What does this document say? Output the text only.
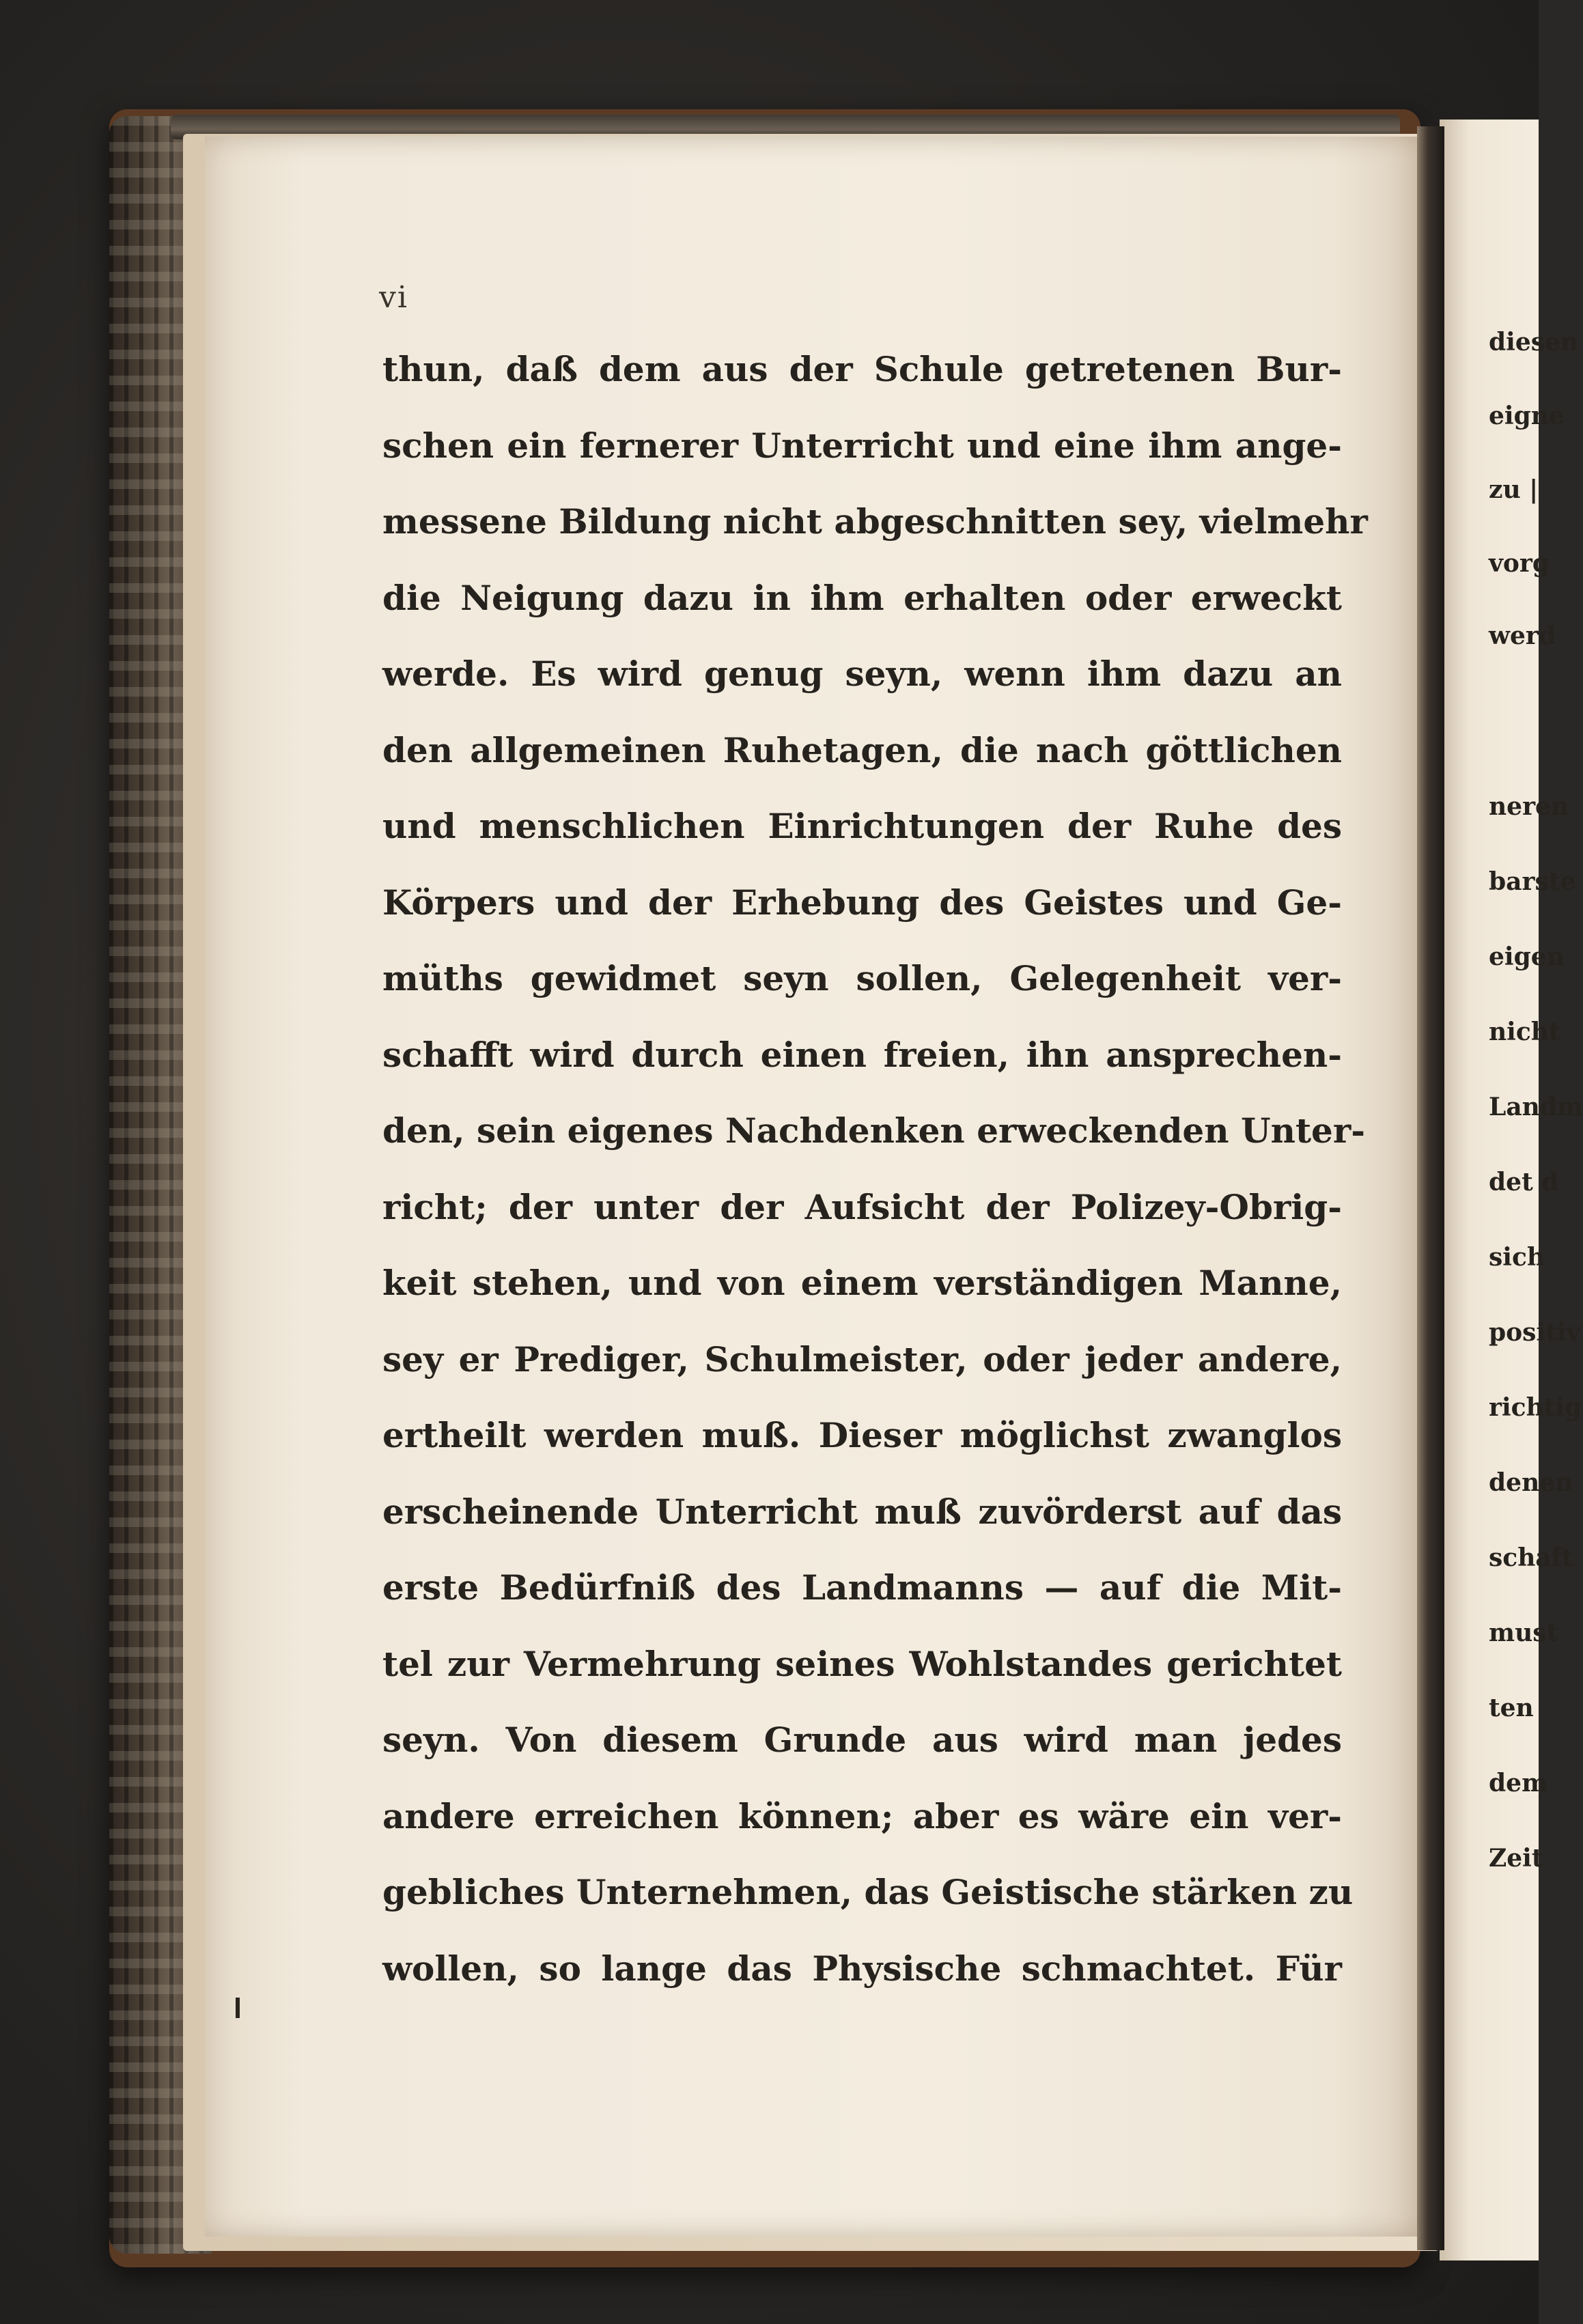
vi
thun, daß dem aus der Schule getretenen Bur-
schen ein fernerer Unterricht und eine ihm ange-
messene Bildung nicht abgeschnitten sey, vielmehr
die Neigung dazu in ihm erhalten oder erweckt
werde. Es wird genug seyn, wenn ihm dazu an
den allgemeinen Ruhetagen, die nach göttlichen
und menschlichen Einrichtungen der Ruhe des
Körpers und der Erhebung des Geistes und Ge-
müths gewidmet seyn sollen, Gelegenheit ver-
schafft wird durch einen freien, ihn ansprechen-
den, sein eigenes Nachdenken erweckenden Unter-
richt; der unter der Aufsicht der Polizey-Obrig-
keit stehen, und von einem verständigen Manne,
sey er Prediger, Schulmeister, oder jeder andere,
ertheilt werden muß. Dieser möglichst zwanglos
erscheinende Unterricht muß zuvörderst auf das
erste Bedürfniß des Landmanns — auf die Mit-
tel zur Vermehrung seines Wohlstandes gerichtet
seyn. Von diesem Grunde aus wird man jedes
andere erreichen können; aber es wäre ein ver-
gebliches Unternehmen, das Geistische stärken zu
wollen, so lange das Physische schmachtet. Für
diesen
eigne
zu |
vorg
werd
neren
barste
eigen
nicht
Landm
det d
sich
positiv
richtig
denen
schaft
must
ten
dem
Zeit
